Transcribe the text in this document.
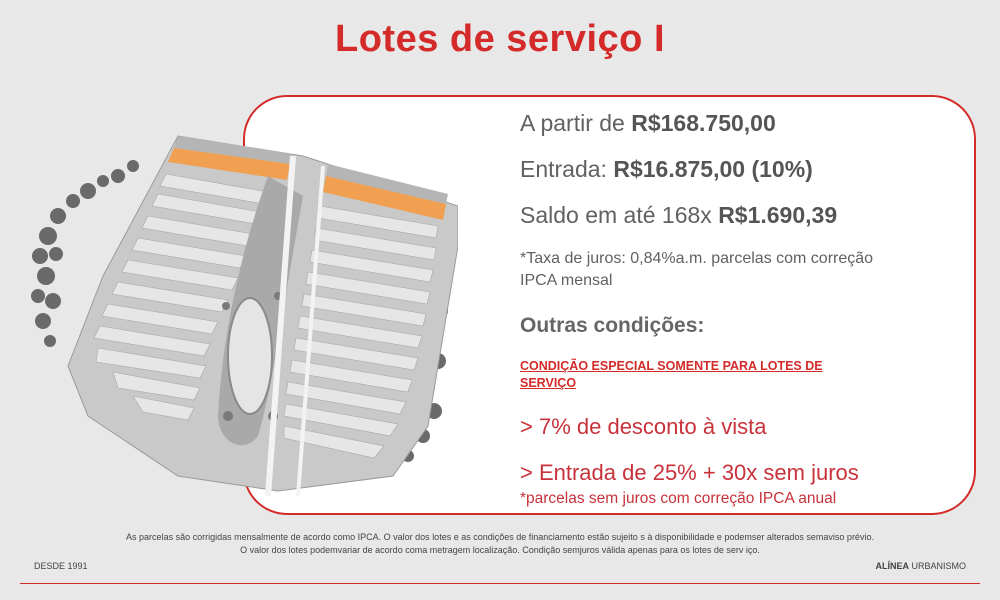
Lotes de serviço I
A partir de R$168.750,00
Entrada: R$16.875,00 (10%)
Saldo em até 168x R$1.690,39
*Taxa de juros: 0,84%a.m. parcelas com correção IPCA mensal
Outras condições:
CONDIÇÃO ESPECIAL SOMENTE PARA LOTES DE SERVIÇO
> 7% de desconto à vista
> Entrada de 25% + 30x sem juros
*parcelas sem juros com correção IPCA anual
As parcelas são corrigidas mensalmente de acordo como IPCA. O valor dos lotes e as condições de financiamento estão sujeito s à disponibilidade e podemser alterados semaviso prévio.
O valor dos lotes podemvariar de acordo coma metragem localização. Condição semjuros válida apenas para os lotes de serv iço.
DESDE 1991	ALÍNEA URBANISMO
